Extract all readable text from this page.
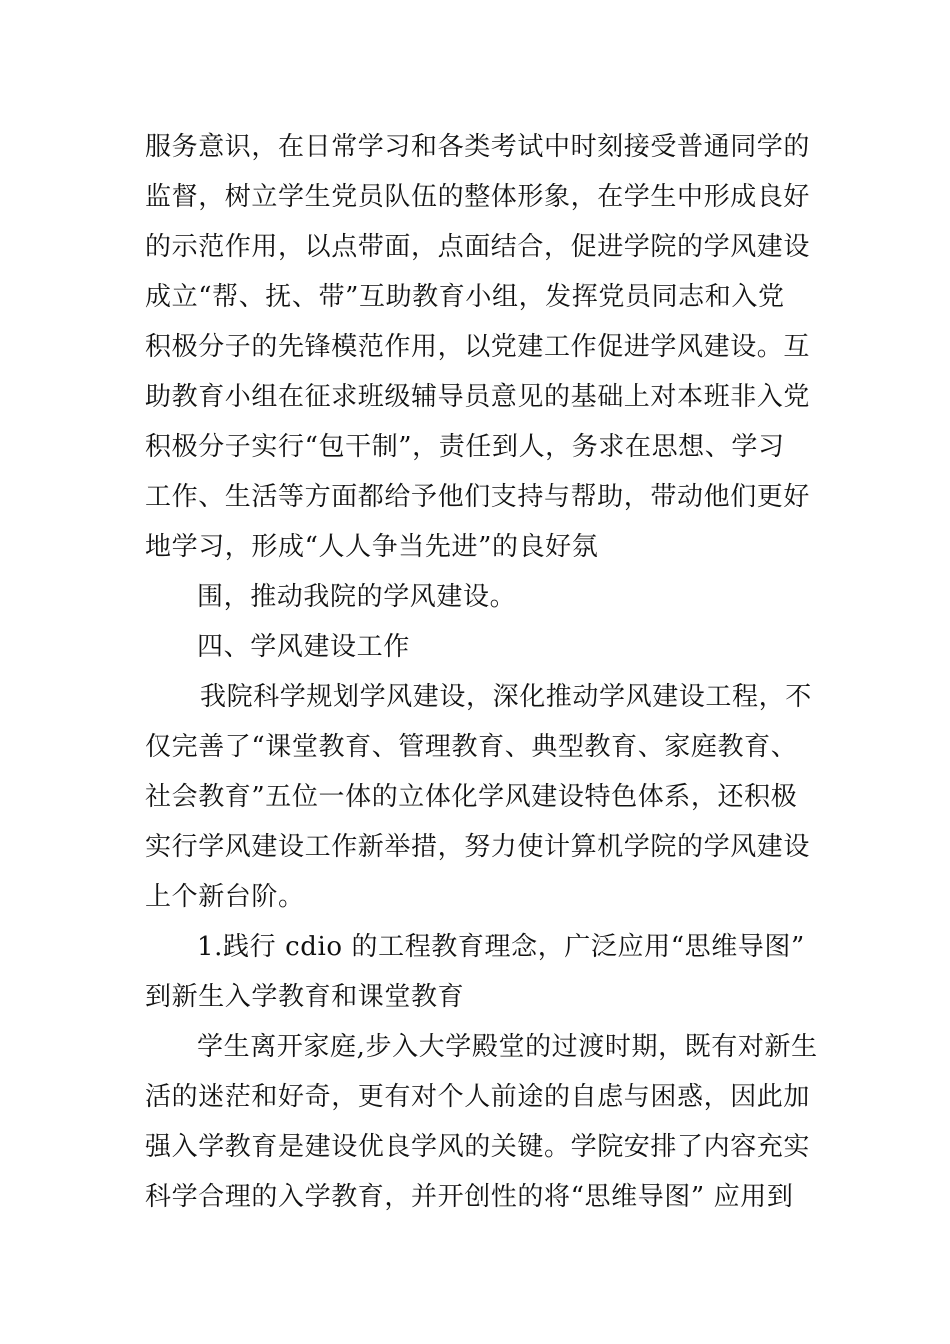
服务意识，在日常学习和各类考试中时刻接受普通同学的
监督，树立学生党员队伍的整体形象，在学生中形成良好
的示范作用，以点带面，点面结合，促进学院的学风建设
成立“帮、抚、带”互助教育小组，发挥党员同志和入党
积极分子的先锋模范作用，以党建工作促进学风建设。互
助教育小组在征求班级辅导员意见的基础上对本班非入党
积极分子实行“包干制”，责任到人，务求在思想、学习
工作、生活等方面都给予他们支持与帮助，带动他们更好
地学习，形成“人人争当先进”的良好氛
围，推动我院的学风建设。
四、学风建设工作
我院科学规划学风建设，深化推动学风建设工程，不
仅完善了“课堂教育、管理教育、典型教育、家庭教育、
社会教育”五位一体的立体化学风建设特色体系，还积极
实行学风建设工作新举措，努力使计算机学院的学风建设
上个新台阶。
1.践行 cdio 的工程教育理念，广泛应用“思维导图”
到新生入学教育和课堂教育
学生离开家庭,步入大学殿堂的过渡时期，既有对新生
活的迷茫和好奇，更有对个人前途的自虑与困惑，因此加
强入学教育是建设优良学风的关键。学院安排了内容充实
科学合理的入学教育，并开创性的将“思维导图” 应用到
